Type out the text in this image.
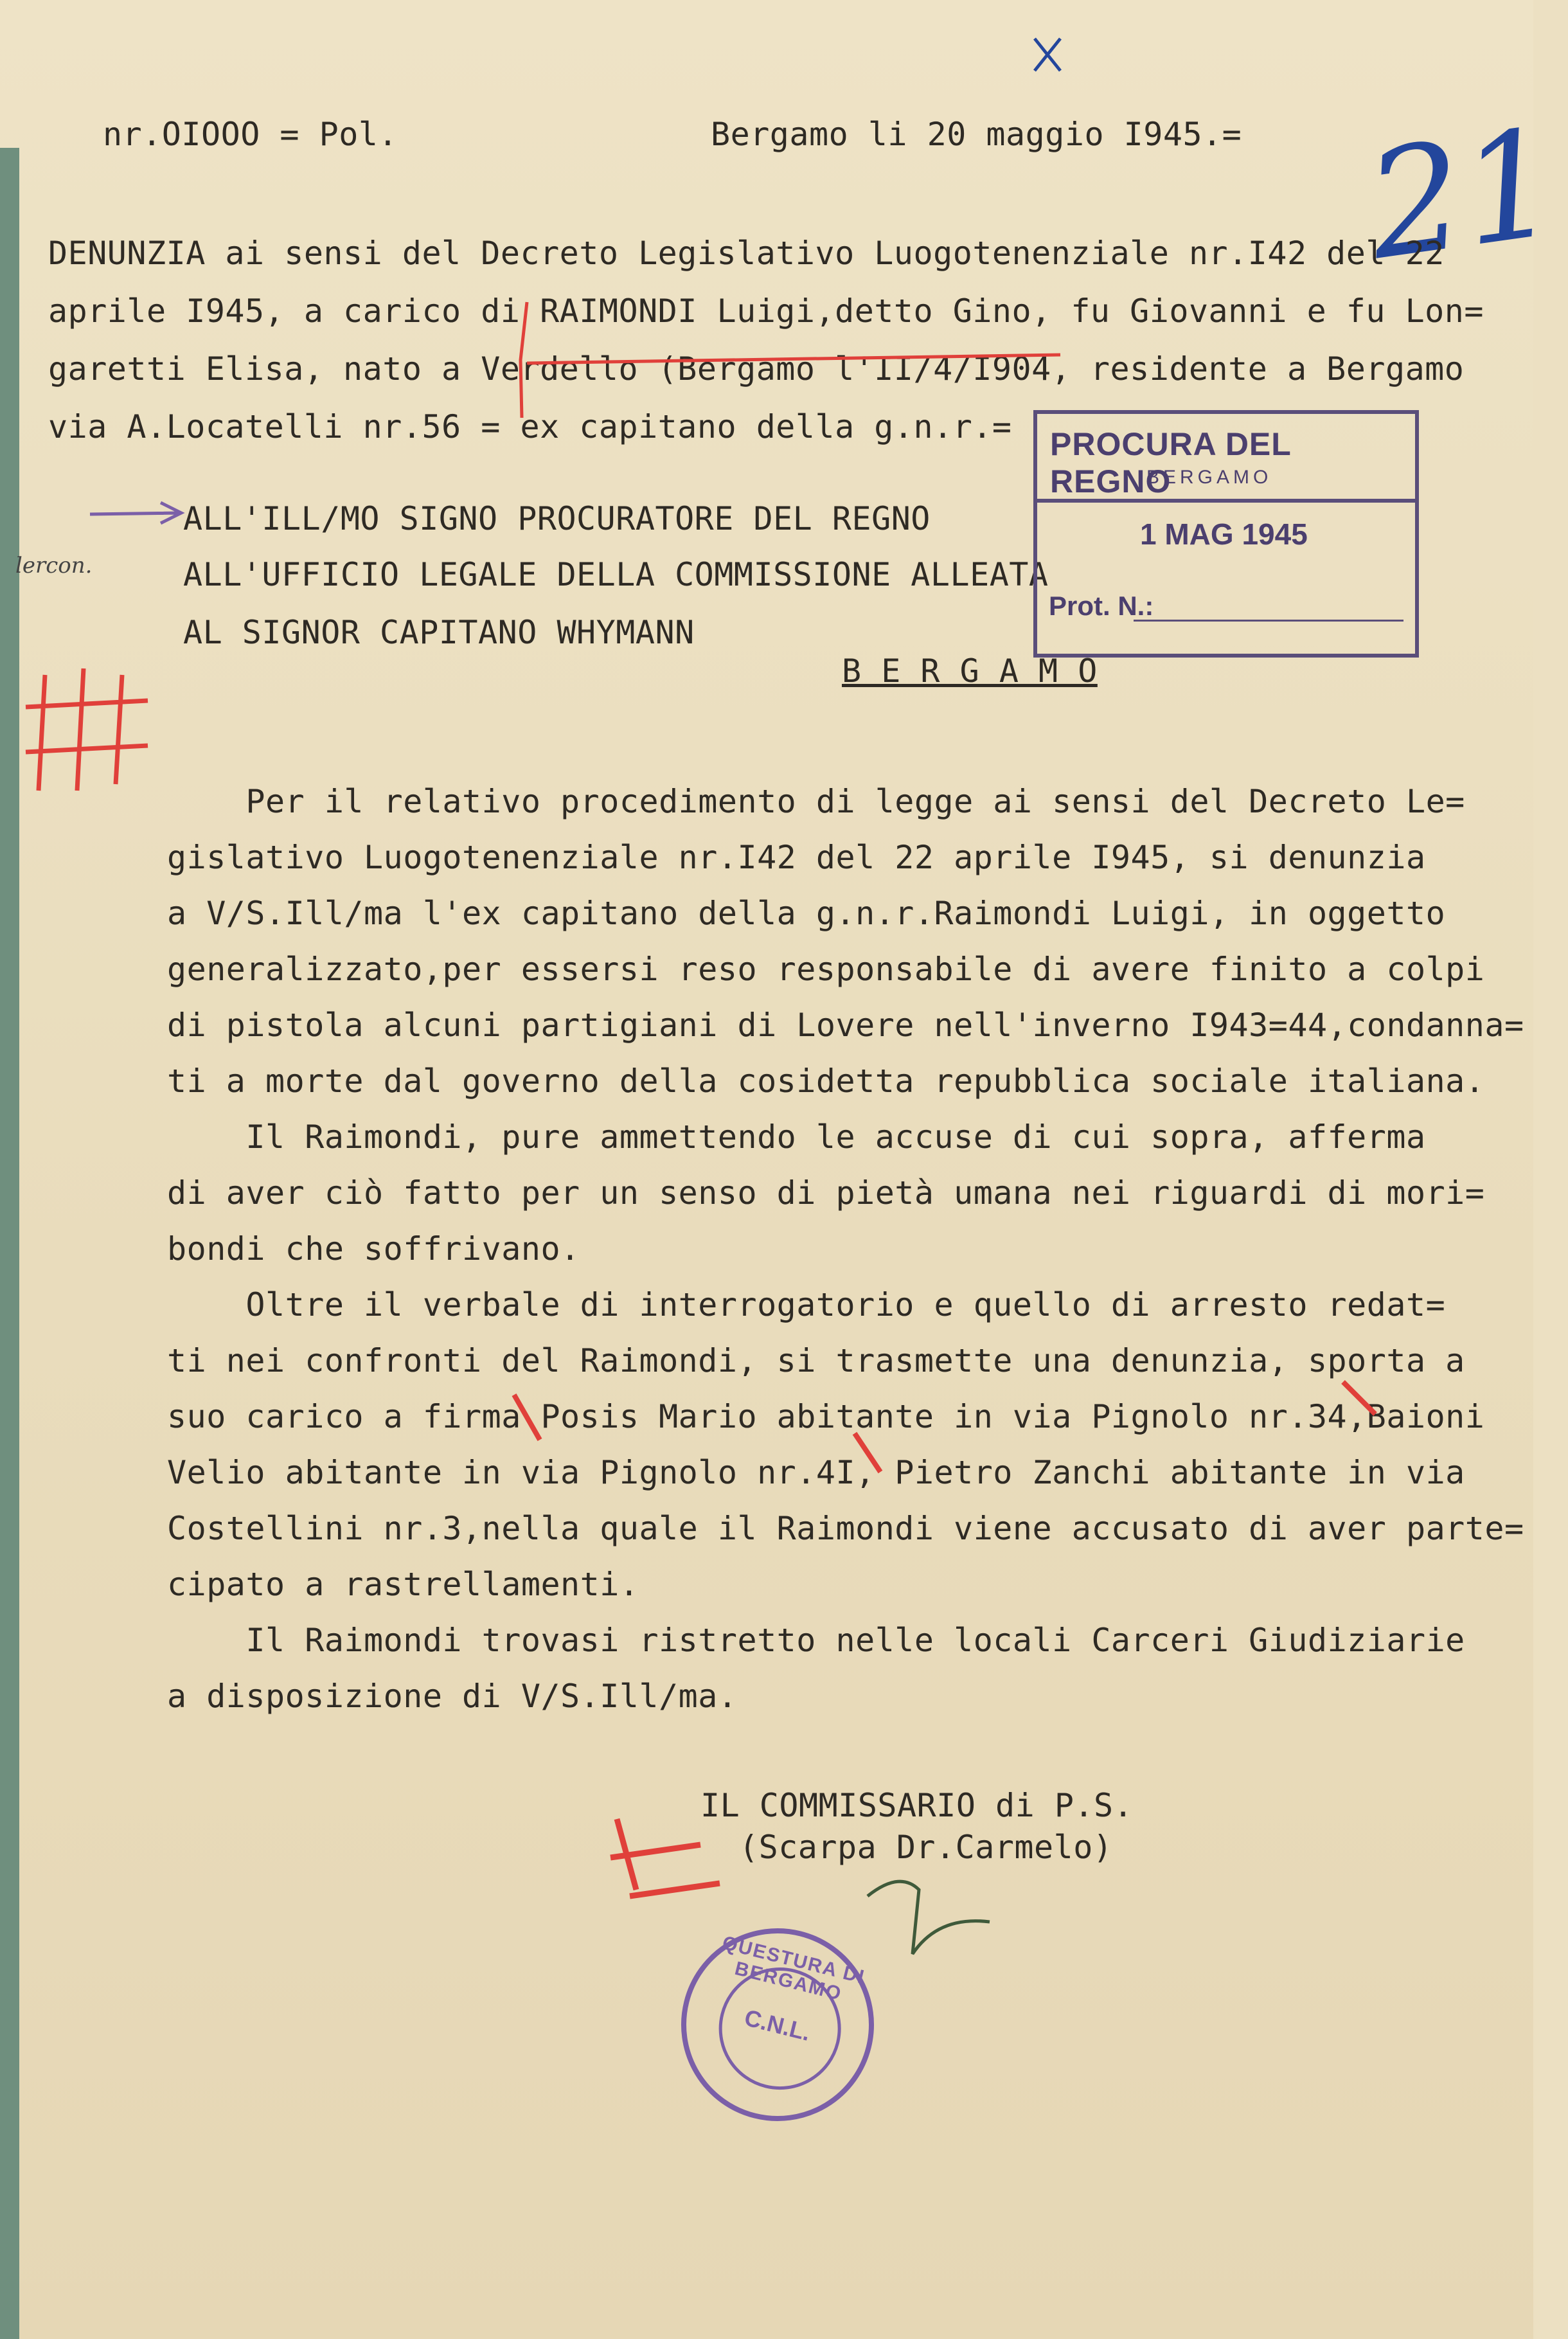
nr.OIOOO = Pol.	Bergamo li 20 maggio I945.= 21
DENUNZIA ai sensi del Decreto Legislativo Luogotenenziale nr.I42 del 22
aprile I945, a carico di RAIMONDI Luigi,detto Gino, fu Giovanni e fu Lon=
garetti Elisa, nato a Verdello (Bergamo l'II/4/I904, residente a Bergamo
via A.Locatelli nr.56 = ex capitano della g.n.r.=
lercon.
ALL'ILL/MO SIGNO PROCURATORE DEL REGNO
ALL'UFFICIO LEGALE DELLA COMMISSIONE ALLEATA
AL SIGNOR CAPITANO WHYMANN
B E R G A M O
PROCURA DEL REGNO
BERGAMO
1 MAG 1945
Prot. N.:
Per il relativo procedimento di legge ai sensi del Decreto Le=
gislativo Luogotenenziale nr.I42 del 22 aprile I945, si denunzia
a V/S.Ill/ma l'ex capitano della g.n.r.Raimondi Luigi, in oggetto
generalizzato,per essersi reso responsabile di avere finito a colpi
di pistola alcuni partigiani di Lovere nell'inverno I943=44,condanna=
ti a morte dal governo della cosidetta repubblica sociale italiana.
Il Raimondi, pure ammettendo le accuse di cui sopra, afferma
di aver ciò fatto per un senso di pietà umana nei riguardi di mori=
bondi che soffrivano.
Oltre il verbale di interrogatorio e quello di arresto redat=
ti nei confronti del Raimondi, si trasmette una denunzia, sporta a
suo carico a firma Posis Mario abitante in via Pignolo nr.34,Baioni
Velio abitante in via Pignolo nr.4I, Pietro Zanchi abitante in via
Costellini nr.3,nella quale il Raimondi viene accusato di aver parte=
cipato a rastrellamenti.
Il Raimondi trovasi ristretto nelle locali Carceri Giudiziarie
a disposizione di V/S.Ill/ma.
IL COMMISSARIO di P.S.
(Scarpa Dr.Carmelo)
QUESTURA DI BERGAMO
C.N.L.
